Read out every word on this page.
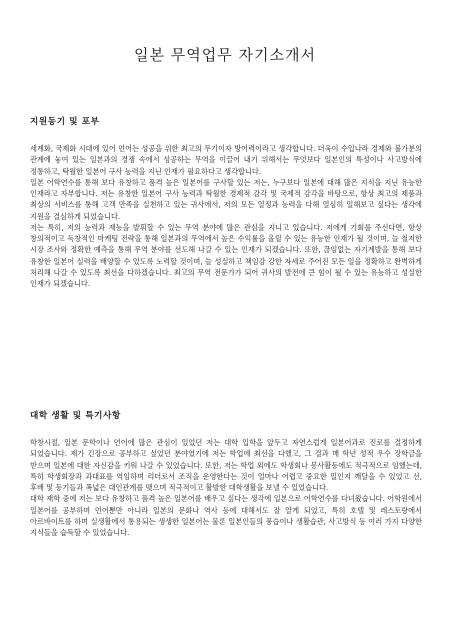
일본 무역업무 자기소개서
지원동기 및 포부

세계화, 국제화 시대에 있어 언어는 성공을 위한 최고의 무기이자 방어력이라고 생각합니다. 더욱이 수입나라 경제와 불가분의 관계에 놓여 있는 일본과의 경쟁 속에서 성공하는 무역을 이끌어 내기 위해서는 무엇보다 일본인의 특성이나 사고방식에 정통하고, 탁월한 일본어 구사 능력을 지닌 인재가 필요하다고 생각합니다.

일본 어학연수를 통해 보다 유창하고 품격 높은 일본어를 구사할 있는 저는, 누구보다 일본에 대해 많은 지식을 지닌 유능한 인재라고 자부합니다. 저는 유창한 일본어 구사 능력과 탁월한 경제적 감각 및 국제적 감각을 바탕으로, 항상 최고의 제품과 최상의 서비스를 통해 고객 만족을 실천하고 있는 귀사에서, 저의 모든 열정과 능력을 다해 열심히 일해보고 싶다는 생각에 지원을 결심하게 되었습니다.

저는 특히, 저의 능력과 재능을 발휘할 수 있는 무역 분야에 많은 관심을 지니고 있습니다. 저에게 기회를 주신다면, 항상 창의적이고 독창적인 마케팅 전략을 통해 일본과의 무역에서 높은 수익률을 올릴 수 있는 유능한 인재가 될 것이며, 늘 철저한 시장 조사와 정확한 예측을 통해 무역 분야를 선도해 나갈 수 있는 인재가 되겠습니다. 또한, 끊임없는 자기계발을 통해 보다 유창한 일본어 실력을 배양할 수 있도록 노력할 것이며, 늘 성실하고 책임감 강한 자세로 주어진 모든 일을 정확하고 완벽하게 처리해 나갈 수 있도록 최선을 다하겠습니다. 최고의 무역 전문가가 되어 귀사의 발전에 큰 힘이 될 수 있는 유능하고 성실한 인재가 되겠습니다.

대학 생활 및 특기사항

학창시절, 일본 문학이나 언어에 많은 관심이 있었던 저는 대학 입학을 앞두고 자연스럽게 일본어과로 진로를 결정하게 되었습니다. 제가 긴장으로 공부하고 싶었던 분야였기에 저는 학업에 최선을 다했고, 그 결과 매 학년 성적 우수 장학금을 받으며 일본에 대한 자신감을 키워 나갈 수 있었습니다. 또한, 저는 학업 외에도 학생회나 봉사활동에도 적극적으로 임했는데, 특히 학생회장과 과대표를 역임하며 리더로서 조직을 운영한다는 것이 얼마나 어렵고 중요한 일인지 깨달을 수 있었고 선, 후배 및 동기들과 폭넓은 대인관계를 맺으며 적극적이고 활발한 대학생활을 보낼 수 있었습니다.

대학 재학 중에 저는 보다 유창하고 품격 높은 일본어를 배우고 싶다는 생각에 일본으로 어학연수를 다녀왔습니다. 어학원에서 일본어를 공부하며 언어뿐만 아니라 일본의 문화나 역사 등에 대해서도 잘 알게 되었고, 특히 호텔 및 레스토랑에서 아르바이트를 하며 실생활에서 통용되는 생생한 일본어는 물론 일본인들의 풍습이나 생활습관, 사고방식 등 여러 가지 다양한 지식들을 습득할 수 있었습니다.
